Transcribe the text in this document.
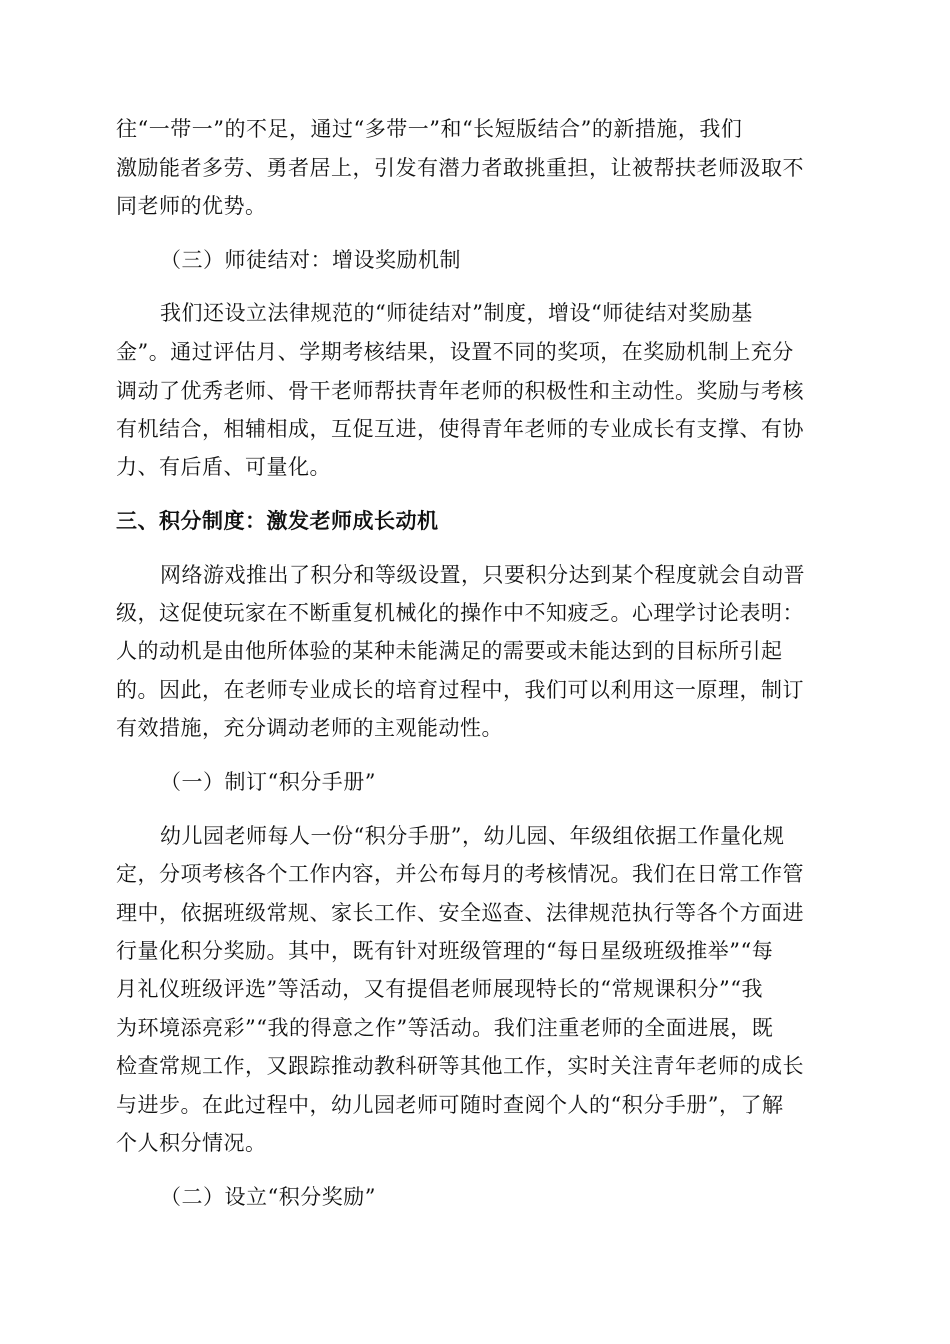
往“一带一”的不足，通过“多带一”和“长短版结合”的新措施，我们
激励能者多劳、勇者居上，引发有潜力者敢挑重担，让被帮扶老师汲取不
同老师的优势。
（三）师徒结对：增设奖励机制
我们还设立法律规范的“师徒结对”制度，增设“师徒结对奖励基
金”。通过评估月、学期考核结果，设置不同的奖项，在奖励机制上充分
调动了优秀老师、骨干老师帮扶青年老师的积极性和主动性。奖励与考核
有机结合，相辅相成，互促互进，使得青年老师的专业成长有支撑、有协
力、有后盾、可量化。
三、积分制度：激发老师成长动机
网络游戏推出了积分和等级设置，只要积分达到某个程度就会自动晋
级，这促使玩家在不断重复机械化的操作中不知疲乏。心理学讨论表明：
人的动机是由他所体验的某种未能满足的需要或未能达到的目标所引起
的。因此，在老师专业成长的培育过程中，我们可以利用这一原理，制订
有效措施，充分调动老师的主观能动性。
（一）制订“积分手册”
幼儿园老师每人一份“积分手册”，幼儿园、年级组依据工作量化规
定，分项考核各个工作内容，并公布每月的考核情况。我们在日常工作管
理中，依据班级常规、家长工作、安全巡查、法律规范执行等各个方面进
行量化积分奖励。其中，既有针对班级管理的“每日星级班级推举”“每
月礼仪班级评选”等活动，又有提倡老师展现特长的“常规课积分”“我
为环境添亮彩”“我的得意之作”等活动。我们注重老师的全面进展，既
检查常规工作，又跟踪推动教科研等其他工作，实时关注青年老师的成长
与进步。在此过程中，幼儿园老师可随时查阅个人的“积分手册”，了解
个人积分情况。
（二）设立“积分奖励”
